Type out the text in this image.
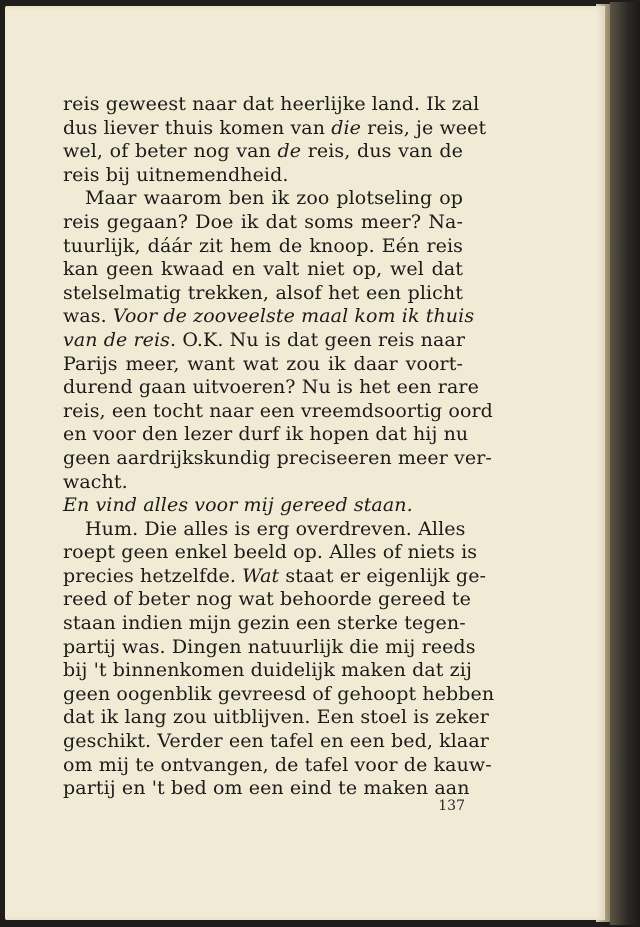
reis geweest naar dat heerlijke land. Ik zal
dus liever thuis komen van die reis, je weet
wel, of beter nog van de reis, dus van de
reis bij uitnemendheid.
Maar waarom ben ik zoo plotseling op
reis gegaan? Doe ik dat soms meer? Na-
tuurlijk, dáár zit hem de knoop. Eén reis
kan geen kwaad en valt niet op, wel dat
stelselmatig trekken, alsof het een plicht
was. Voor de zooveelste maal kom ik thuis
van de reis. O.K. Nu is dat geen reis naar
Parijs meer, want wat zou ik daar voort-
durend gaan uitvoeren? Nu is het een rare
reis, een tocht naar een vreemdsoortig oord
en voor den lezer durf ik hopen dat hij nu
geen aardrijkskundig preciseeren meer ver-
wacht.
En vind alles voor mij gereed staan.
Hum. Die alles is erg overdreven. Alles
roept geen enkel beeld op. Alles of niets is
precies hetzelfde. Wat staat er eigenlijk ge-
reed of beter nog wat behoorde gereed te
staan indien mijn gezin een sterke tegen-
partij was. Dingen natuurlijk die mij reeds
bij 't binnenkomen duidelijk maken dat zij
geen oogenblik gevreesd of gehoopt hebben
dat ik lang zou uitblijven. Een stoel is zeker
geschikt. Verder een tafel en een bed, klaar
om mij te ontvangen, de tafel voor de kauw-
partij en 't bed om een eind te maken aan
137
